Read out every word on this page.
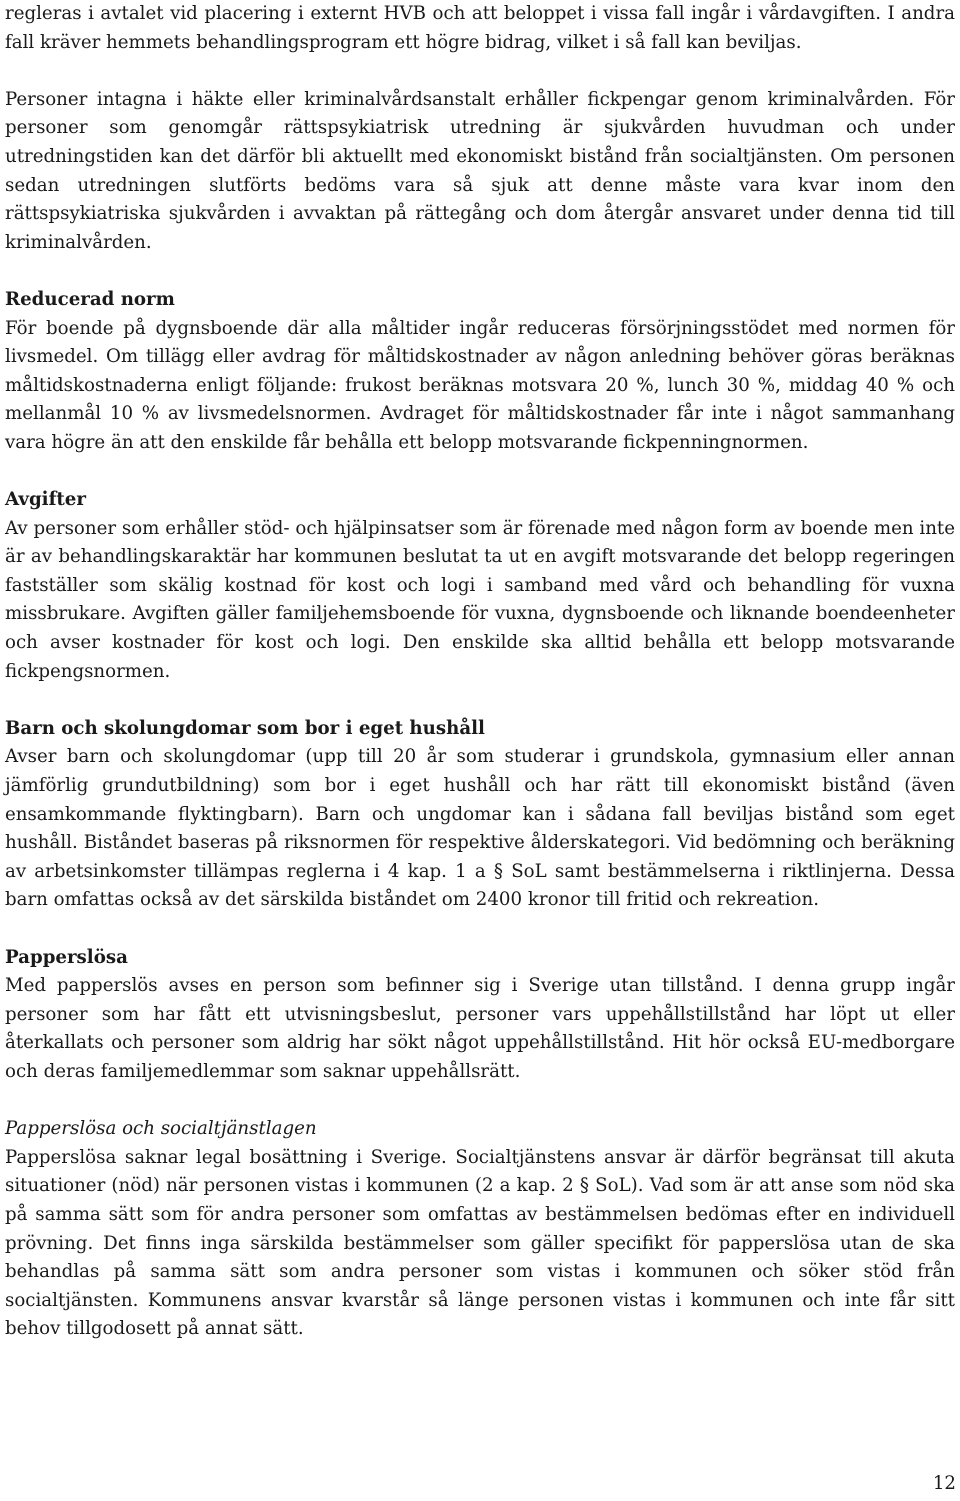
regleras i avtalet vid placering i externt HVB och att beloppet i vissa fall ingår i vårdavgiften. I andra fall kräver hemmets behandlingsprogram ett högre bidrag, vilket i så fall kan beviljas.

Personer intagna i häkte eller kriminalvårdsanstalt erhåller fickpengar genom kriminalvården. För personer som genomgår rättspsykiatrisk utredning är sjukvården huvudman och under utredningstiden kan det därför bli aktuellt med ekonomiskt bistånd från socialtjänsten. Om personen sedan utredningen slutförts bedöms vara så sjuk att denne måste vara kvar inom den rättspsykiatriska sjukvården i avvaktan på rättegång och dom återgår ansvaret under denna tid till kriminalvården.

Reducerad norm

För boende på dygnsboende där alla måltider ingår reduceras försörjningsstödet med normen för livsmedel. Om tillägg eller avdrag för måltidskostnader av någon anledning behöver göras beräknas måltidskostnaderna enligt följande: frukost beräknas motsvara 20 %, lunch 30 %, middag 40 % och mellanmål 10 % av livsmedelsnormen. Avdraget för måltidskostnader får inte i något sammanhang vara högre än att den enskilde får behålla ett belopp motsvarande fickpenningnormen.

Avgifter

Av personer som erhåller stöd- och hjälpinsatser som är förenade med någon form av boende men inte är av behandlingskaraktär har kommunen beslutat ta ut en avgift motsvarande det belopp regeringen fastställer som skälig kostnad för kost och logi i samband med vård och behandling för vuxna missbrukare. Avgiften gäller familjehemsboende för vuxna, dygnsboende och liknande boendeenheter och avser kostnader för kost och logi. Den enskilde ska alltid behålla ett belopp motsvarande fickpengsnormen.

Barn och skolungdomar som bor i eget hushåll

Avser barn och skolungdomar (upp till 20 år som studerar i grundskola, gymnasium eller annan jämförlig grundutbildning) som bor i eget hushåll och har rätt till ekonomiskt bistånd (även ensamkommande flyktingbarn). Barn och ungdomar kan i sådana fall beviljas bistånd som eget hushåll. Biståndet baseras på riksnormen för respektive ålderskategori. Vid bedömning och beräkning av arbetsinkomster tillämpas reglerna i 4 kap. 1 a § SoL samt bestämmelserna i riktlinjerna. Dessa barn omfattas också av det särskilda biståndet om 2400 kronor till fritid och rekreation.

Papperslösa

Med papperslös avses en person som befinner sig i Sverige utan tillstånd. I denna grupp ingår personer som har fått ett utvisningsbeslut, personer vars uppehållstillstånd har löpt ut eller återkallats och personer som aldrig har sökt något uppehållstillstånd. Hit hör också EU-medborgare och deras familjemedlemmar som saknar uppehållsrätt.

Papperslösa och socialtjänstlagen

Papperslösa saknar legal bosättning i Sverige. Socialtjänstens ansvar är därför begränsat till akuta situationer (nöd) när personen vistas i kommunen (2 a kap. 2 § SoL). Vad som är att anse som nöd ska på samma sätt som för andra personer som omfattas av bestämmelsen bedömas efter en individuell prövning. Det finns inga särskilda bestämmelser som gäller specifikt för papperslösa utan de ska behandlas på samma sätt som andra personer som vistas i kommunen och söker stöd från socialtjänsten. Kommunens ansvar kvarstår så länge personen vistas i kommunen och inte får sitt behov tillgodosett på annat sätt.

12
